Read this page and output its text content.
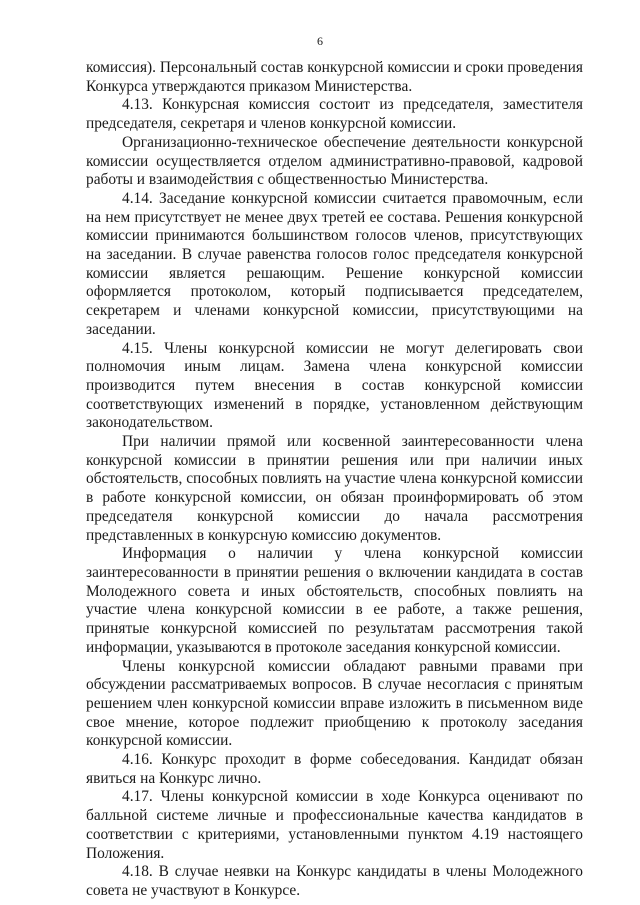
6

комиссия). Персональный состав конкурсной комиссии и сроки проведения Конкурса утверждаются приказом Министерства.

4.13. Конкурсная комиссия состоит из председателя, заместителя председателя, секретаря и членов конкурсной комиссии.

Организационно-техническое обеспечение деятельности конкурсной комиссии осуществляется отделом административно-правовой, кадровой работы и взаимодействия с общественностью Министерства.

4.14. Заседание конкурсной комиссии считается правомочным, если на нем присутствует не менее двух третей ее состава. Решения конкурсной комиссии принимаются большинством голосов членов, присутствующих на заседании. В случае равенства голосов голос председателя конкурсной комиссии является решающим. Решение конкурсной комиссии оформляется протоколом, который подписывается председателем, секретарем и членами конкурсной комиссии, присутствующими на заседании.

4.15. Члены конкурсной комиссии не могут делегировать свои полномочия иным лицам. Замена члена конкурсной комиссии производится путем внесения в состав конкурсной комиссии соответствующих изменений в порядке, установленном действующим законодательством.

При наличии прямой или косвенной заинтересованности члена конкурсной комиссии в принятии решения или при наличии иных обстоятельств, способных повлиять на участие члена конкурсной комиссии в работе конкурсной комиссии, он обязан проинформировать об этом председателя конкурсной комиссии до начала рассмотрения представленных в конкурсную комиссию документов.

Информация о наличии у члена конкурсной комиссии заинтересованности в принятии решения о включении кандидата в состав Молодежного совета и иных обстоятельств, способных повлиять на участие члена конкурсной комиссии в ее работе, а также решения, принятые конкурсной комиссией по результатам рассмотрения такой информации, указываются в протоколе заседания конкурсной комиссии.

Члены конкурсной комиссии обладают равными правами при обсуждении рассматриваемых вопросов. В случае несогласия с принятым решением член конкурсной комиссии вправе изложить в письменном виде свое мнение, которое подлежит приобщению к протоколу заседания конкурсной комиссии.

4.16. Конкурс проходит в форме собеседования. Кандидат обязан явиться на Конкурс лично.

4.17. Члены конкурсной комиссии в ходе Конкурса оценивают по балльной системе личные и профессиональные качества кандидатов в соответствии с критериями, установленными пунктом 4.19 настоящего Положения.

4.18. В случае неявки на Конкурс кандидаты в члены Молодежного совета не участвуют в Конкурсе.
